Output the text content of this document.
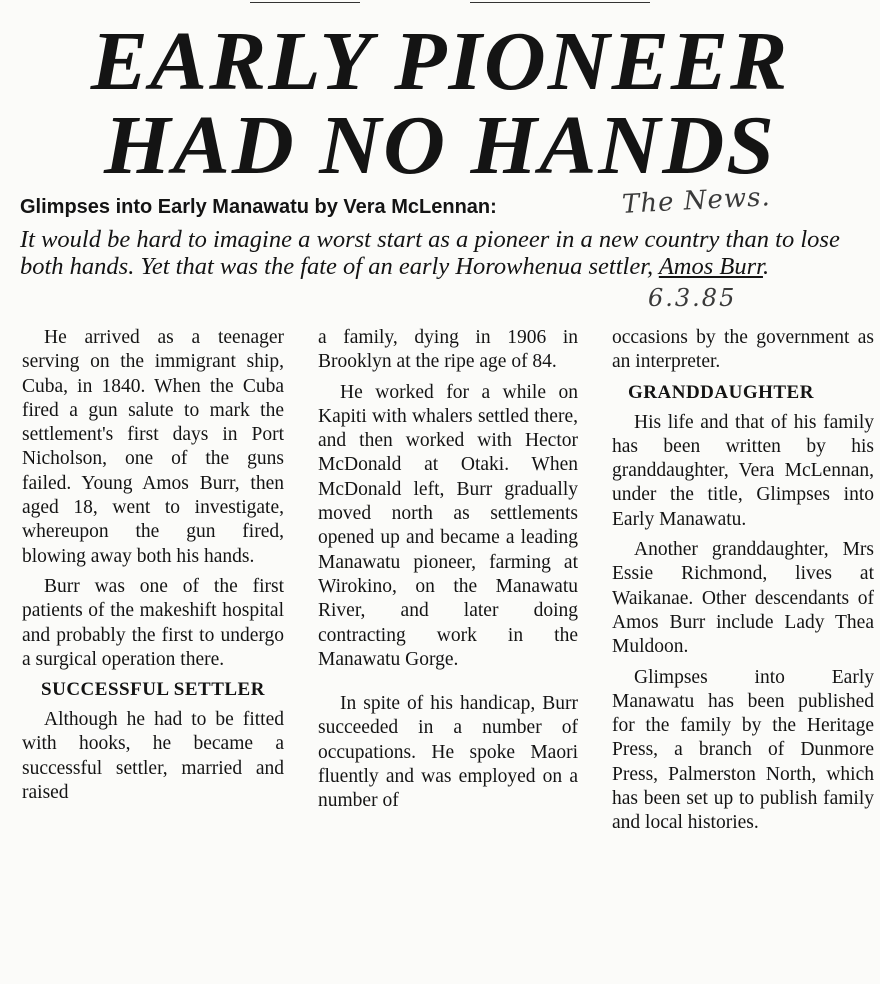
EARLY PIONEER
HAD NO HANDS
Glimpses into Early Manawatu by Vera McLennan:	The News.
It would be hard to imagine a worst start as a pioneer in a new country than to lose both hands. Yet that was the fate of an early Horowhenua settler, Amos Burr.
6.3.85

He arrived as a teenager serving on the immigrant ship, Cuba, in 1840. When the Cuba fired a gun salute to mark the settlement's first days in Port Nicholson, one of the guns failed. Young Amos Burr, then aged 18, went to investigate, whereupon the gun fired, blowing away both his hands.

Burr was one of the first patients of the makeshift hospital and probably the first to undergo a surgical operation there.

SUCCESSFUL SETTLER

Although he had to be fitted with hooks, he became a successful settler, married and raised

a family, dying in 1906 in Brooklyn at the ripe age of 84.

He worked for a while on Kapiti with whalers settled there, and then worked with Hector McDonald at Otaki. When McDonald left, Burr gradually moved north as settlements opened up and became a leading Manawatu pioneer, farming at Wirokino, on the Manawatu River, and later doing contracting work in the Manawatu Gorge.

In spite of his handicap, Burr succeeded in a number of occupations. He spoke Maori fluently and was employed on a number of

occasions by the government as an interpreter.

GRANDDAUGHTER

His life and that of his family has been written by his granddaughter, Vera McLennan, under the title, Glimpses into Early Manawatu.

Another granddaughter, Mrs Essie Richmond, lives at Waikanae. Other descendants of Amos Burr include Lady Thea Muldoon.

Glimpses into Early Manawatu has been published for the family by the Heritage Press, a branch of Dunmore Press, Palmerston North, which has been set up to publish family and local histories.
